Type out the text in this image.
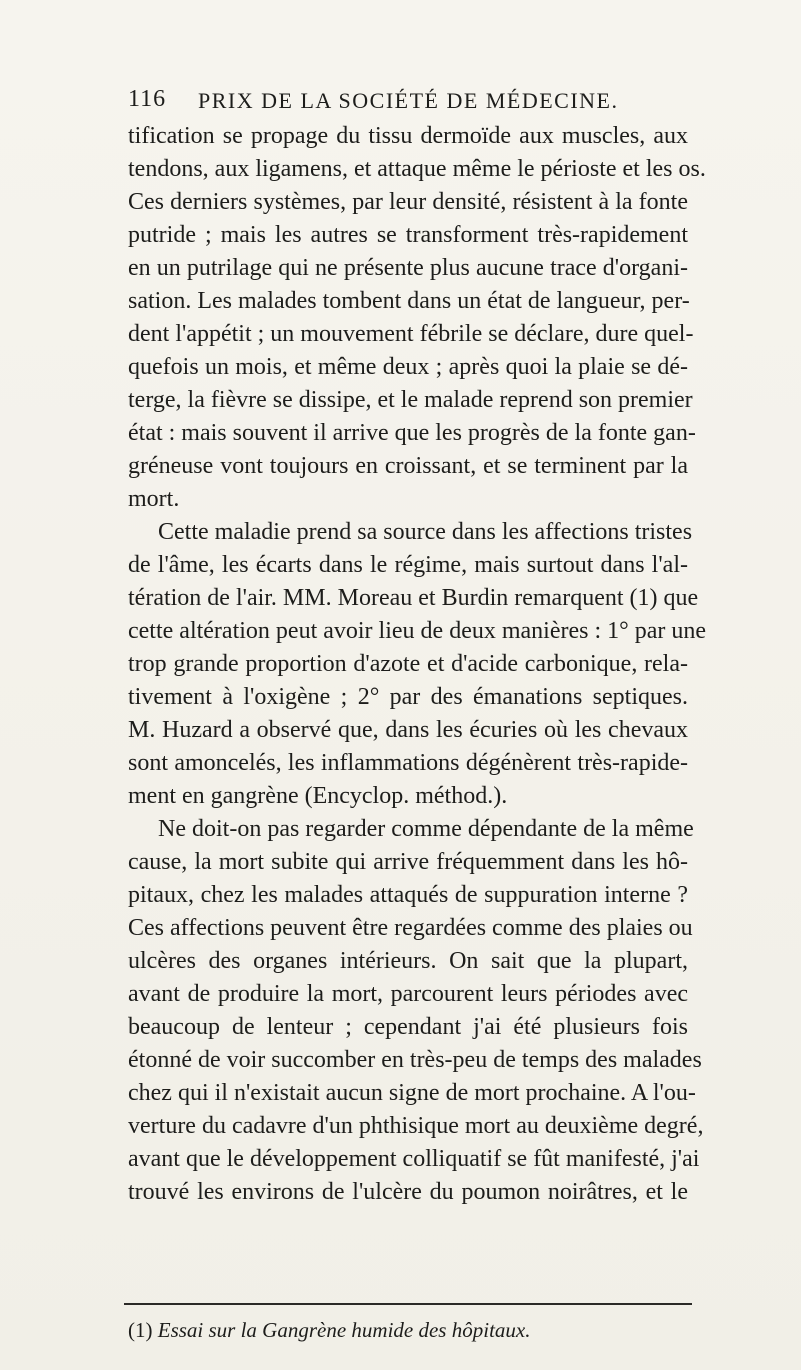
116 PRIX DE LA SOCIÉTÉ DE MÉDECINE.
tification se propage du tissu dermoïde aux muscles, aux
tendons, aux ligamens, et attaque même le périoste et les os.
Ces derniers systèmes, par leur densité, résistent à la fonte
putride ; mais les autres se transforment très-rapidement
en un putrilage qui ne présente plus aucune trace d'organi-
sation. Les malades tombent dans un état de langueur, per-
dent l'appétit ; un mouvement fébrile se déclare, dure quel-
quefois un mois, et même deux ; après quoi la plaie se dé-
terge, la fièvre se dissipe, et le malade reprend son premier
état : mais souvent il arrive que les progrès de la fonte gan-
gréneuse vont toujours en croissant, et se terminent par la
mort.
Cette maladie prend sa source dans les affections tristes
de l'âme, les écarts dans le régime, mais surtout dans l'al-
tération de l'air. MM. Moreau et Burdin remarquent (1) que
cette altération peut avoir lieu de deux manières : 1° par une
trop grande proportion d'azote et d'acide carbonique, rela-
tivement à l'oxigène ; 2° par des émanations septiques.
M. Huzard a observé que, dans les écuries où les chevaux
sont amoncelés, les inflammations dégénèrent très-rapide-
ment en gangrène (Encyclop. méthod.).
Ne doit-on pas regarder comme dépendante de la même
cause, la mort subite qui arrive fréquemment dans les hô-
pitaux, chez les malades attaqués de suppuration interne ?
Ces affections peuvent être regardées comme des plaies ou
ulcères des organes intérieurs. On sait que la plupart,
avant de produire la mort, parcourent leurs périodes avec
beaucoup de lenteur ; cependant j'ai été plusieurs fois
étonné de voir succomber en très-peu de temps des malades
chez qui il n'existait aucun signe de mort prochaine. A l'ou-
verture du cadavre d'un phthisique mort au deuxième degré,
avant que le développement colliquatif se fût manifesté, j'ai
trouvé les environs de l'ulcère du poumon noirâtres, et le
(1) Essai sur la Gangrène humide des hôpitaux.
